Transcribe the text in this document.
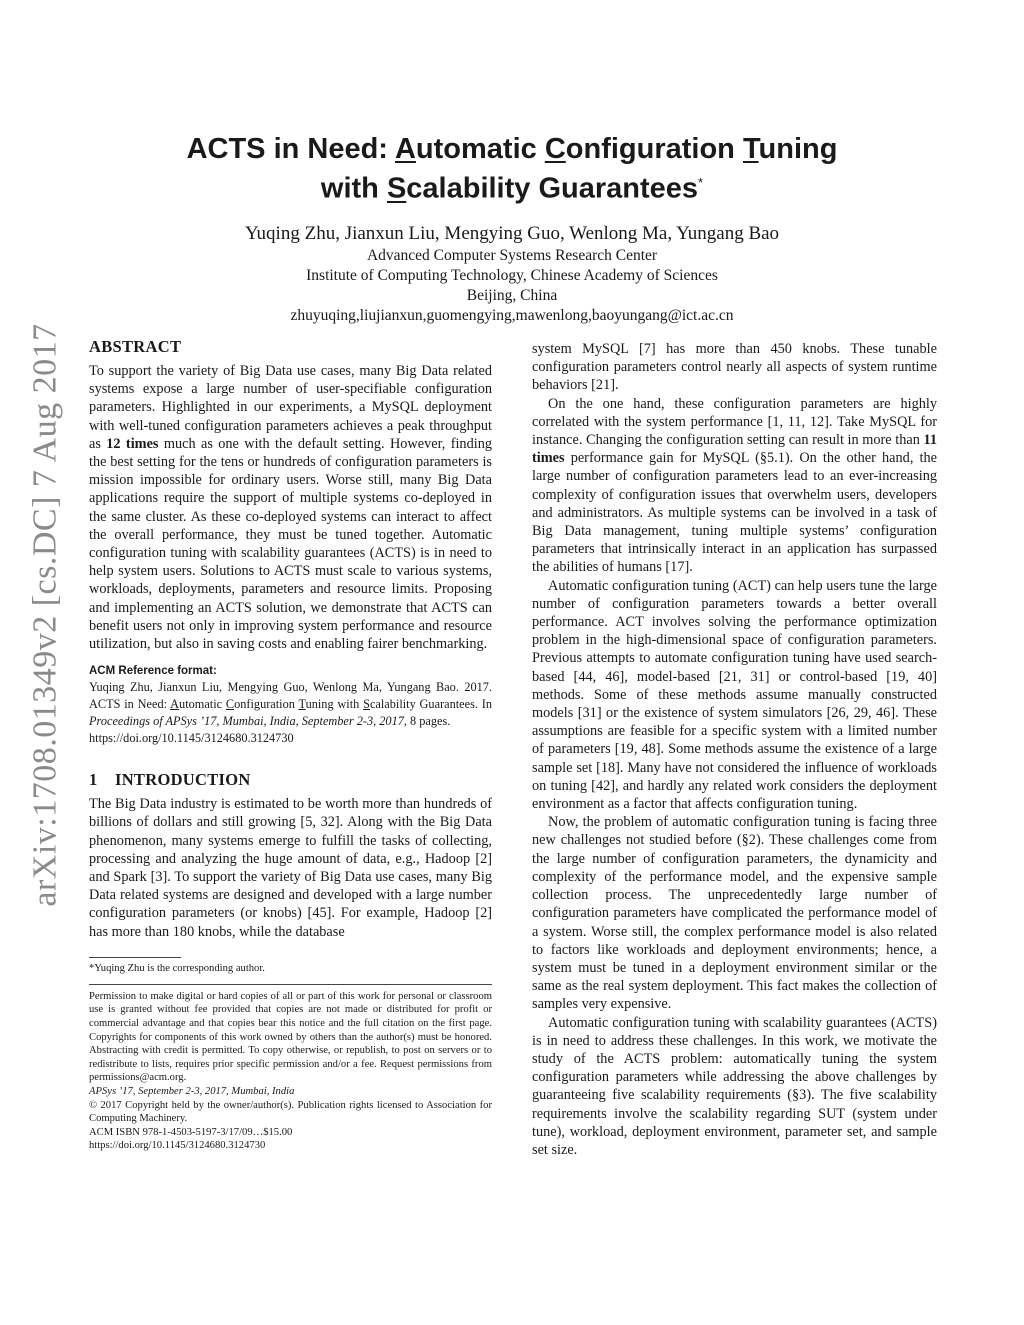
arXiv:1708.01349v2 [cs.DC] 7 Aug 2017
ACTS in Need: Automatic Configuration Tuning
with Scalability Guarantees*
Yuqing Zhu, Jianxun Liu, Mengying Guo, Wenlong Ma, Yungang Bao
Advanced Computer Systems Research Center
Institute of Computing Technology, Chinese Academy of Sciences
Beijing, China
zhuyuqing,liujianxun,guomengying,mawenlong,baoyungang@ict.ac.cn
ABSTRACT

To support the variety of Big Data use cases, many Big Data related systems expose a large number of user-specifiable configuration parameters. Highlighted in our experiments, a MySQL deployment with well-tuned configuration parameters achieves a peak throughput as 12 times much as one with the default setting. However, finding the best setting for the tens or hundreds of configuration parameters is mission impossible for ordinary users. Worse still, many Big Data applications require the support of multiple systems co-deployed in the same cluster. As these co-deployed systems can interact to affect the overall performance, they must be tuned together. Automatic configuration tuning with scalability guarantees (ACTS) is in need to help system users. Solutions to ACTS must scale to various systems, workloads, deployments, parameters and resource limits. Proposing and implementing an ACTS solution, we demonstrate that ACTS can benefit users not only in improving system performance and resource utilization, but also in saving costs and enabling fairer benchmarking.

ACM Reference format:

Yuqing Zhu, Jianxun Liu, Mengying Guo, Wenlong Ma, Yungang Bao. 2017. ACTS in Need: Automatic Configuration Tuning with Scalability Guarantees. In Proceedings of APSys ’17, Mumbai, India, September 2-3, 2017, 8 pages.
https://doi.org/10.1145/3124680.3124730

1 INTRODUCTION

The Big Data industry is estimated to be worth more than hundreds of billions of dollars and still growing [5, 32]. Along with the Big Data phenomenon, many systems emerge to fulfill the tasks of collecting, processing and analyzing the huge amount of data, e.g., Hadoop [2] and Spark [3]. To support the variety of Big Data use cases, many Big Data related systems are designed and developed with a large number configuration parameters (or knobs) [45]. For example, Hadoop [2] has more than 180 knobs, while the database

*Yuqing Zhu is the corresponding author.

Permission to make digital or hard copies of all or part of this work for personal or classroom use is granted without fee provided that copies are not made or distributed for profit or commercial advantage and that copies bear this notice and the full citation on the first page. Copyrights for components of this work owned by others than the author(s) must be honored. Abstracting with credit is permitted. To copy otherwise, or republish, to post on servers or to redistribute to lists, requires prior specific permission and/or a fee. Request permissions from permissions@acm.org.

APSys ’17, September 2-3, 2017, Mumbai, India

© 2017 Copyright held by the owner/author(s). Publication rights licensed to Association for Computing Machinery.

ACM ISBN 978-1-4503-5197-3/17/09…$15.00

https://doi.org/10.1145/3124680.3124730

system MySQL [7] has more than 450 knobs. These tunable configuration parameters control nearly all aspects of system runtime behaviors [21].

On the one hand, these configuration parameters are highly correlated with the system performance [1, 11, 12]. Take MySQL for instance. Changing the configuration setting can result in more than 11 times performance gain for MySQL (§5.1). On the other hand, the large number of configuration parameters lead to an ever-increasing complexity of configuration issues that overwhelm users, developers and administrators. As multiple systems can be involved in a task of Big Data management, tuning multiple systems’ configuration parameters that intrinsically interact in an application has surpassed the abilities of humans [17].

Automatic configuration tuning (ACT) can help users tune the large number of configuration parameters towards a better overall performance. ACT involves solving the performance optimization problem in the high-dimensional space of configuration parameters. Previous attempts to automate configuration tuning have used search-based [44, 46], model-based [21, 31] or control-based [19, 40] methods. Some of these methods assume manually constructed models [31] or the existence of system simulators [26, 29, 46]. These assumptions are feasible for a specific system with a limited number of parameters [19, 48]. Some methods assume the existence of a large sample set [18]. Many have not considered the influence of workloads on tuning [42], and hardly any related work considers the deployment environment as a factor that affects configuration tuning.

Now, the problem of automatic configuration tuning is facing three new challenges not studied before (§2). These challenges come from the large number of configuration parameters, the dynamicity and complexity of the performance model, and the expensive sample collection process. The unprecedentedly large number of configuration parameters have complicated the performance model of a system. Worse still, the complex performance model is also related to factors like workloads and deployment environments; hence, a system must be tuned in a deployment environment similar or the same as the real system deployment. This fact makes the collection of samples very expensive.

Automatic configuration tuning with scalability guarantees (ACTS) is in need to address these challenges. In this work, we motivate the study of the ACTS problem: automatically tuning the system configuration parameters while addressing the above challenges by guaranteeing five scalability requirements (§3). The five scalability requirements involve the scalability regarding SUT (system under tune), workload, deployment environment, parameter set, and sample set size.
